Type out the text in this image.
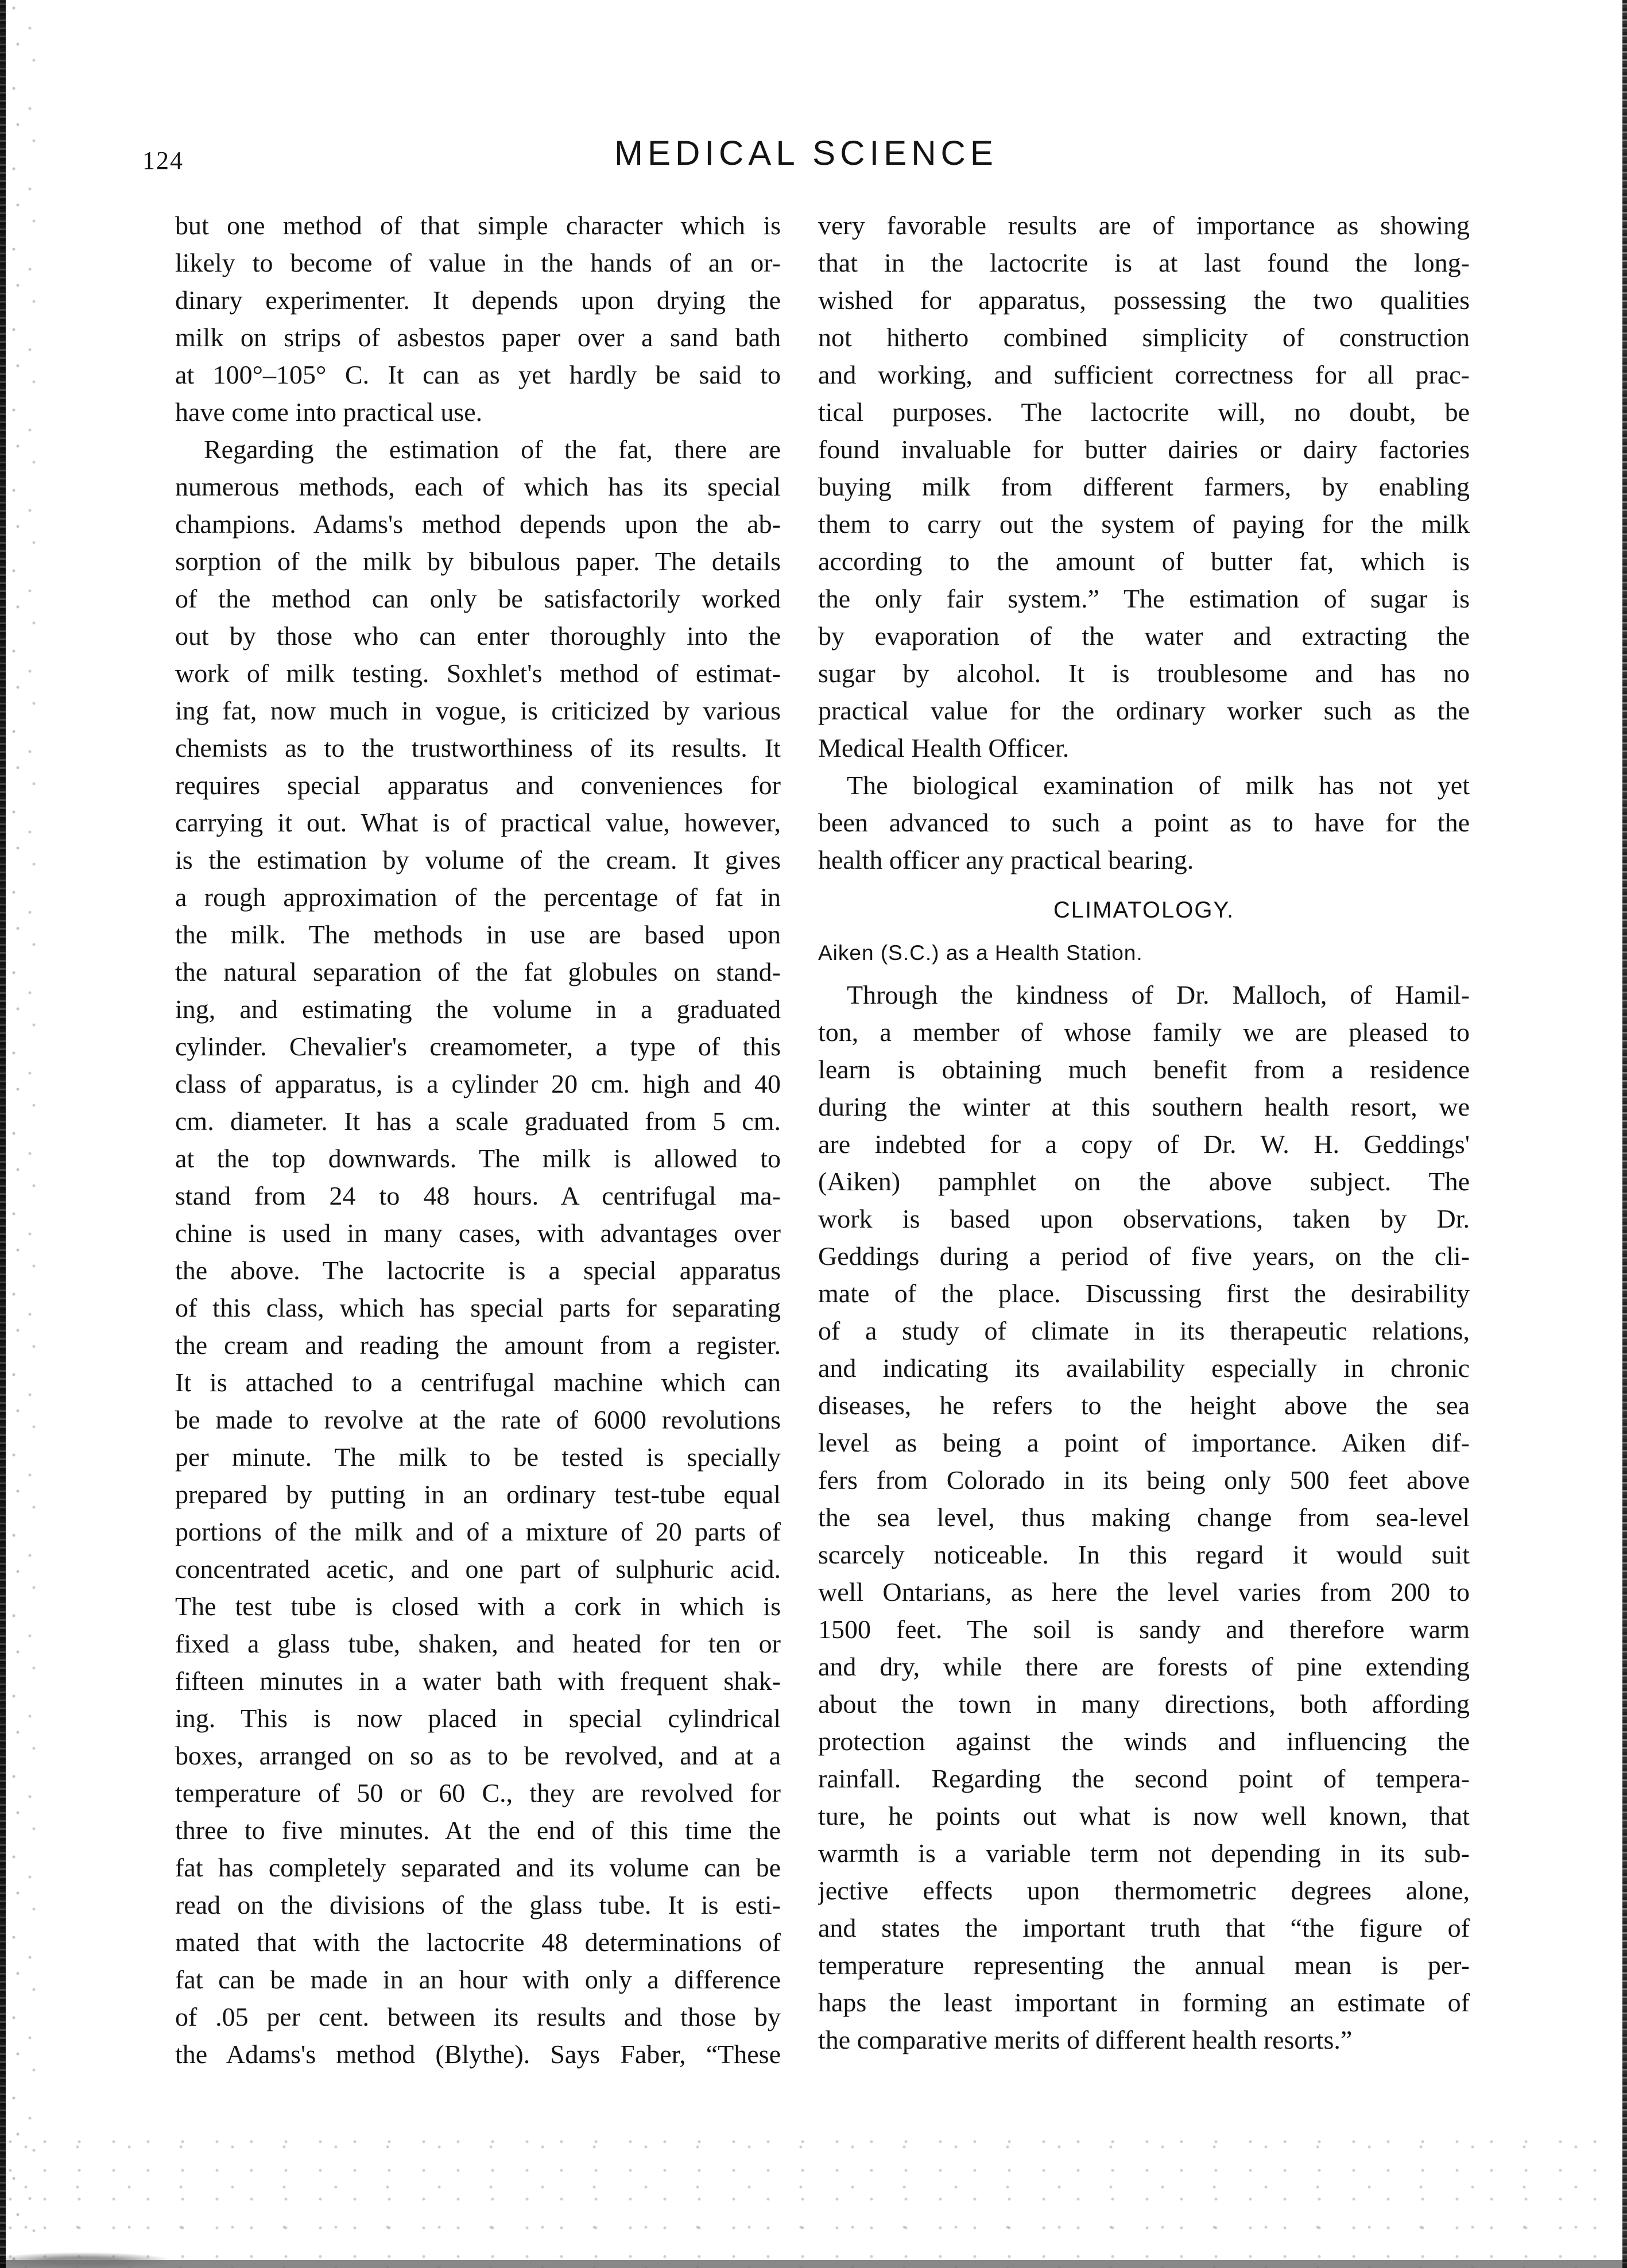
124	MEDICAL SCIENCE
but one method of that simple character which is
likely to become of value in the hands of an or-
dinary experimenter. It depends upon drying the
milk on strips of asbestos paper over a sand bath
at 100°–105° C. It can as yet hardly be said to
have come into practical use.
Regarding the estimation of the fat, there are
numerous methods, each of which has its special
champions. Adams's method depends upon the ab-
sorption of the milk by bibulous paper. The details
of the method can only be satisfactorily worked
out by those who can enter thoroughly into the
work of milk testing. Soxhlet's method of estimat-
ing fat, now much in vogue, is criticized by various
chemists as to the trustworthiness of its results. It
requires special apparatus and conveniences for
carrying it out. What is of practical value, however,
is the estimation by volume of the cream. It gives
a rough approximation of the percentage of fat in
the milk. The methods in use are based upon
the natural separation of the fat globules on stand-
ing, and estimating the volume in a graduated
cylinder. Chevalier's creamometer, a type of this
class of apparatus, is a cylinder 20 cm. high and 40
cm. diameter. It has a scale graduated from 5 cm.
at the top downwards. The milk is allowed to
stand from 24 to 48 hours. A centrifugal ma-
chine is used in many cases, with advantages over
the above. The lactocrite is a special apparatus
of this class, which has special parts for separating
the cream and reading the amount from a register.
It is attached to a centrifugal machine which can
be made to revolve at the rate of 6000 revolutions
per minute. The milk to be tested is specially
prepared by putting in an ordinary test-tube equal
portions of the milk and of a mixture of 20 parts of
concentrated acetic, and one part of sulphuric acid.
The test tube is closed with a cork in which is
fixed a glass tube, shaken, and heated for ten or
fifteen minutes in a water bath with frequent shak-
ing. This is now placed in special cylindrical
boxes, arranged on so as to be revolved, and at a
temperature of 50 or 60 C., they are revolved for
three to five minutes. At the end of this time the
fat has completely separated and its volume can be
read on the divisions of the glass tube. It is esti-
mated that with the lactocrite 48 determinations of
fat can be made in an hour with only a difference
of .05 per cent. between its results and those by
the Adams's method (Blythe). Says Faber, “These
very favorable results are of importance as showing
that in the lactocrite is at last found the long-
wished for apparatus, possessing the two qualities
not hitherto combined simplicity of construction
and working, and sufficient correctness for all prac-
tical purposes. The lactocrite will, no doubt, be
found invaluable for butter dairies or dairy factories
buying milk from different farmers, by enabling
them to carry out the system of paying for the milk
according to the amount of butter fat, which is
the only fair system.” The estimation of sugar is
by evaporation of the water and extracting the
sugar by alcohol. It is troublesome and has no
practical value for the ordinary worker such as the
Medical Health Officer.
The biological examination of milk has not yet
been advanced to such a point as to have for the
health officer any practical bearing.
CLIMATOLOGY.
Aiken (S.C.) as a Health Station.
Through the kindness of Dr. Malloch, of Hamil-
ton, a member of whose family we are pleased to
learn is obtaining much benefit from a residence
during the winter at this southern health resort, we
are indebted for a copy of Dr. W. H. Geddings'
(Aiken) pamphlet on the above subject. The
work is based upon observations, taken by Dr.
Geddings during a period of five years, on the cli-
mate of the place. Discussing first the desirability
of a study of climate in its therapeutic relations,
and indicating its availability especially in chronic
diseases, he refers to the height above the sea
level as being a point of importance. Aiken dif-
fers from Colorado in its being only 500 feet above
the sea level, thus making change from sea-level
scarcely noticeable. In this regard it would suit
well Ontarians, as here the level varies from 200 to
1500 feet. The soil is sandy and therefore warm
and dry, while there are forests of pine extending
about the town in many directions, both affording
protection against the winds and influencing the
rainfall. Regarding the second point of tempera-
ture, he points out what is now well known, that
warmth is a variable term not depending in its sub-
jective effects upon thermometric degrees alone,
and states the important truth that “the figure of
temperature representing the annual mean is per-
haps the least important in forming an estimate of
the comparative merits of different health resorts.”
